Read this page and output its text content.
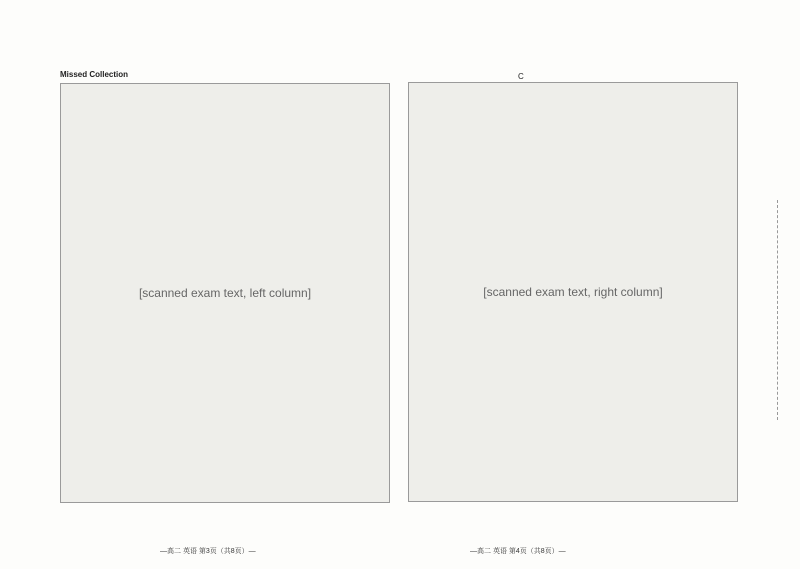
Missed Collection
[scanned exam text, left column]
C
[scanned exam text, right column]
—高二 英语 第3页（共8页）—	—高二 英语 第4页（共8页）—
